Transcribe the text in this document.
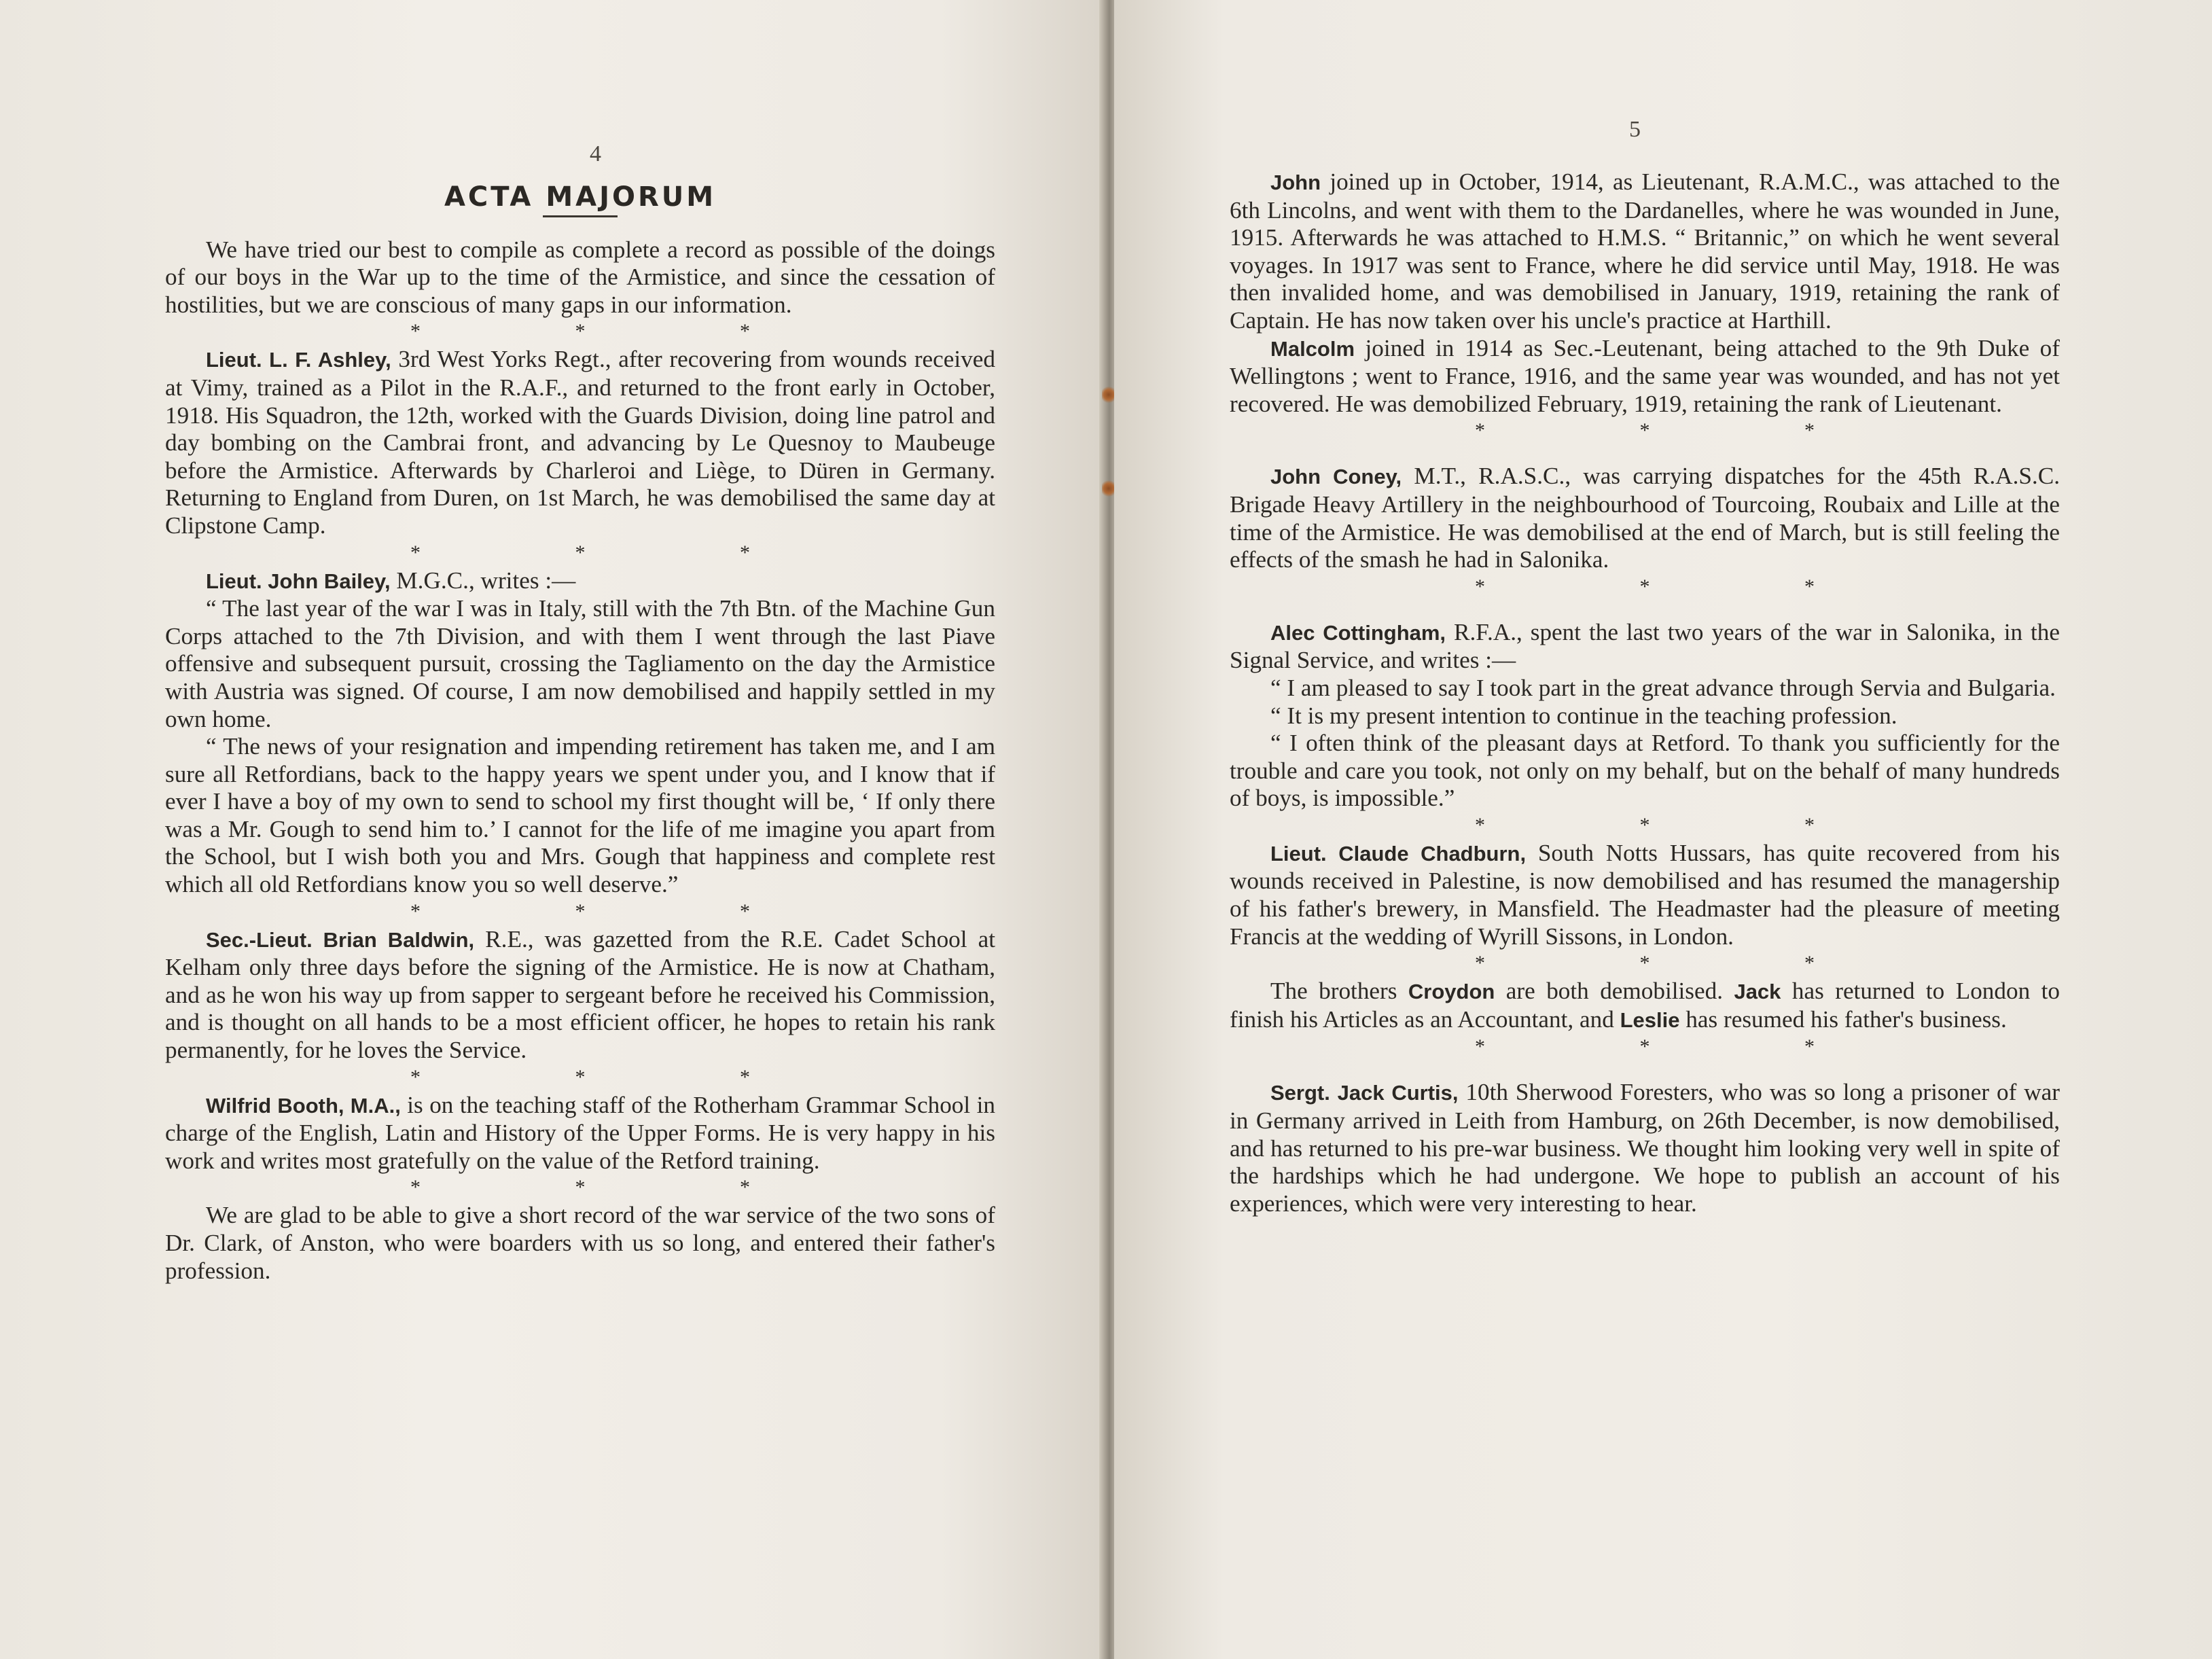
4
ACTA MAJORUM

We have tried our best to compile as complete a record as possible of the doings of our boys in the War up to the time of the Armistice, and since the cessation of hostilities, but we are conscious of many gaps in our information.

* * *

Lieut. L. F. Ashley, 3rd West Yorks Regt., after recovering from wounds received at Vimy, trained as a Pilot in the R.A.F., and returned to the front early in October, 1918. His Squadron, the 12th, worked with the Guards Division, doing line patrol and day bombing on the Cambrai front, and advancing by Le Quesnoy to Maubeuge before the Armistice. Afterwards by Charleroi and Liège, to Düren in Germany. Returning to England from Duren, on 1st March, he was demobilised the same day at Clipstone Camp.

* * *

Lieut. John Bailey, M.G.C., writes :—

“ The last year of the war I was in Italy, still with the 7th Btn. of the Machine Gun Corps attached to the 7th Division, and with them I went through the last Piave offensive and subsequent pursuit, crossing the Tagliamento on the day the Armistice with Austria was signed. Of course, I am now demobilised and happily settled in my own home.

“ The news of your resignation and impending retirement has taken me, and I am sure all Retfordians, back to the happy years we spent under you, and I know that if ever I have a boy of my own to send to school my first thought will be, ‘ If only there was a Mr. Gough to send him to.’ I cannot for the life of me imagine you apart from the School, but I wish both you and Mrs. Gough that happiness and complete rest which all old Retfordians know you so well deserve.”

* * *

Sec.-Lieut. Brian Baldwin, R.E., was gazetted from the R.E. Cadet School at Kelham only three days before the signing of the Armistice. He is now at Chatham, and as he won his way up from sapper to sergeant before he received his Commission, and is thought on all hands to be a most efficient officer, he hopes to retain his rank permanently, for he loves the Service.

* * *

Wilfrid Booth, M.A., is on the teaching staff of the Rotherham Grammar School in charge of the English, Latin and History of the Upper Forms. He is very happy in his work and writes most gratefully on the value of the Retford training.

* * *

We are glad to be able to give a short record of the war service of the two sons of Dr. Clark, of Anston, who were boarders with us so long, and entered their father's profession.

5

John joined up in October, 1914, as Lieutenant, R.A.M.C., was attached to the 6th Lincolns, and went with them to the Dardanelles, where he was wounded in June, 1915. Afterwards he was attached to H.M.S. “ Britannic,” on which he went several voyages. In 1917 was sent to France, where he did service until May, 1918. He was then invalided home, and was demobilised in January, 1919, retaining the rank of Captain. He has now taken over his uncle's practice at Harthill.

Malcolm joined in 1914 as Sec.-Leutenant, being attached to the 9th Duke of Wellingtons ; went to France, 1916, and the same year was wounded, and has not yet recovered. He was demobilized February, 1919, retaining the rank of Lieutenant.

* * *

John Coney, M.T., R.A.S.C., was carrying dispatches for the 45th R.A.S.C. Brigade Heavy Artillery in the neighbourhood of Tourcoing, Roubaix and Lille at the time of the Armistice. He was demobilised at the end of March, but is still feeling the effects of the smash he had in Salonika.

* * *

Alec Cottingham, R.F.A., spent the last two years of the war in Salonika, in the Signal Service, and writes :—

“ I am pleased to say I took part in the great advance through Servia and Bulgaria.

“ It is my present intention to continue in the teaching profession.

“ I often think of the pleasant days at Retford. To thank you sufficiently for the trouble and care you took, not only on my behalf, but on the behalf of many hundreds of boys, is impossible.”

* * *

Lieut. Claude Chadburn, South Notts Hussars, has quite recovered from his wounds received in Palestine, is now demobilised and has resumed the managership of his father's brewery, in Mansfield. The Headmaster had the pleasure of meeting Francis at the wedding of Wyrill Sissons, in London.

* * *

The brothers Croydon are both demobilised. Jack has returned to London to finish his Articles as an Accountant, and Leslie has resumed his father's business.

* * *

Sergt. Jack Curtis, 10th Sherwood Foresters, who was so long a prisoner of war in Germany arrived in Leith from Hamburg, on 26th December, is now demobilised, and has returned to his pre-war business. We thought him looking very well in spite of the hardships which he had undergone. We hope to publish an account of his experiences, which were very interesting to hear.
